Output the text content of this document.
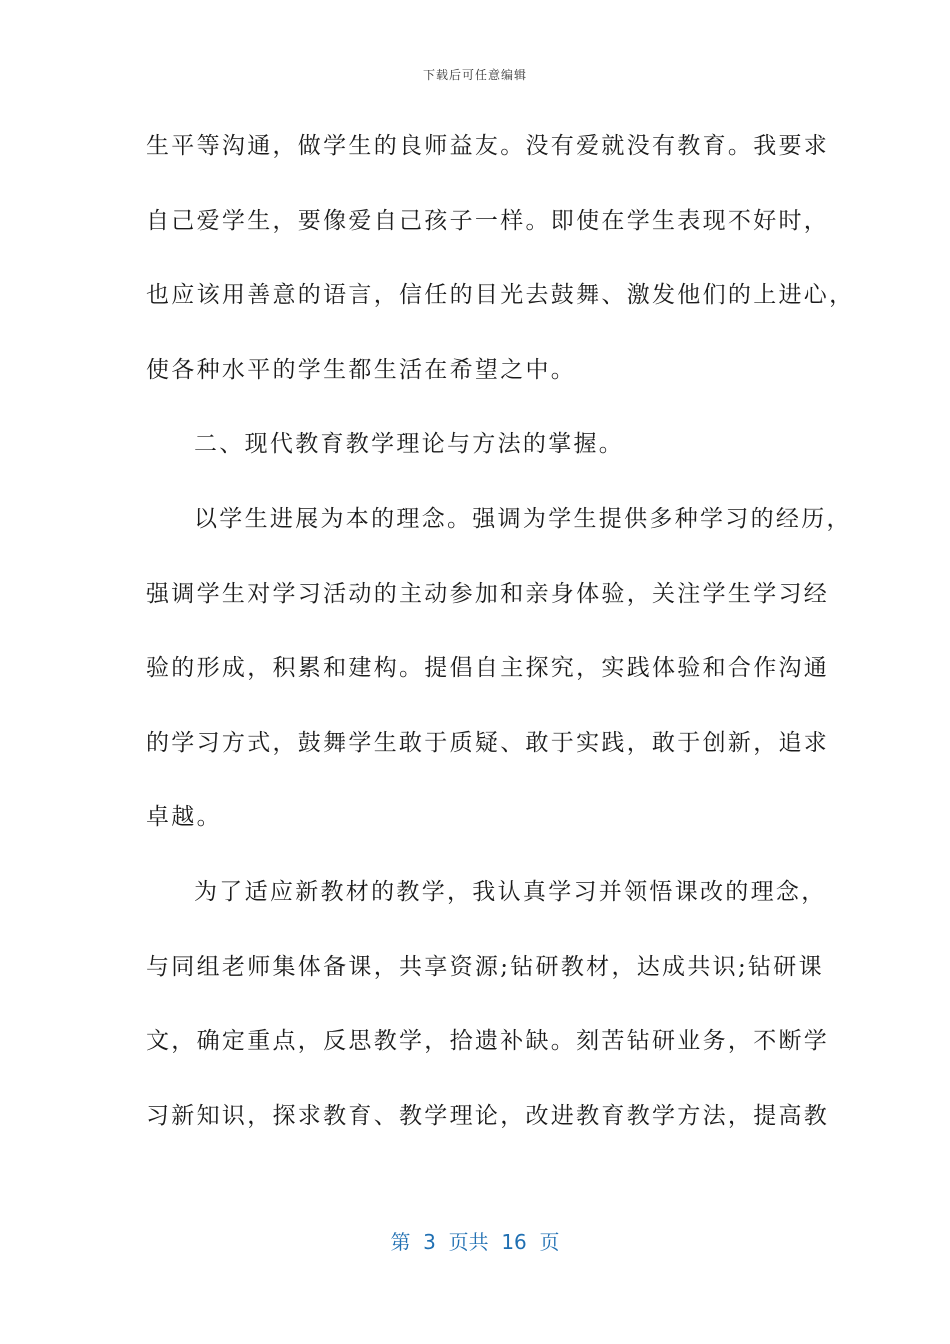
下载后可任意编辑
生平等沟通，做学生的良师益友。没有爱就没有教育。我要求
自己爱学生，要像爱自己孩子一样。即使在学生表现不好时，
也应该用善意的语言，信任的目光去鼓舞、激发他们的上进心，
使各种水平的学生都生活在希望之中。
二、现代教育教学理论与方法的掌握。
以学生进展为本的理念。强调为学生提供多种学习的经历，
强调学生对学习活动的主动参加和亲身体验，关注学生学习经
验的形成，积累和建构。提倡自主探究，实践体验和合作沟通
的学习方式，鼓舞学生敢于质疑、敢于实践，敢于创新，追求
卓越。
为了适应新教材的教学，我认真学习并领悟课改的理念，
与同组老师集体备课，共享资源;钻研教材，达成共识;钻研课
文，确定重点，反思教学，拾遗补缺。刻苦钻研业务，不断学
习新知识，探求教育、教学理论，改进教育教学方法，提高教
第  3  页共  16  页
